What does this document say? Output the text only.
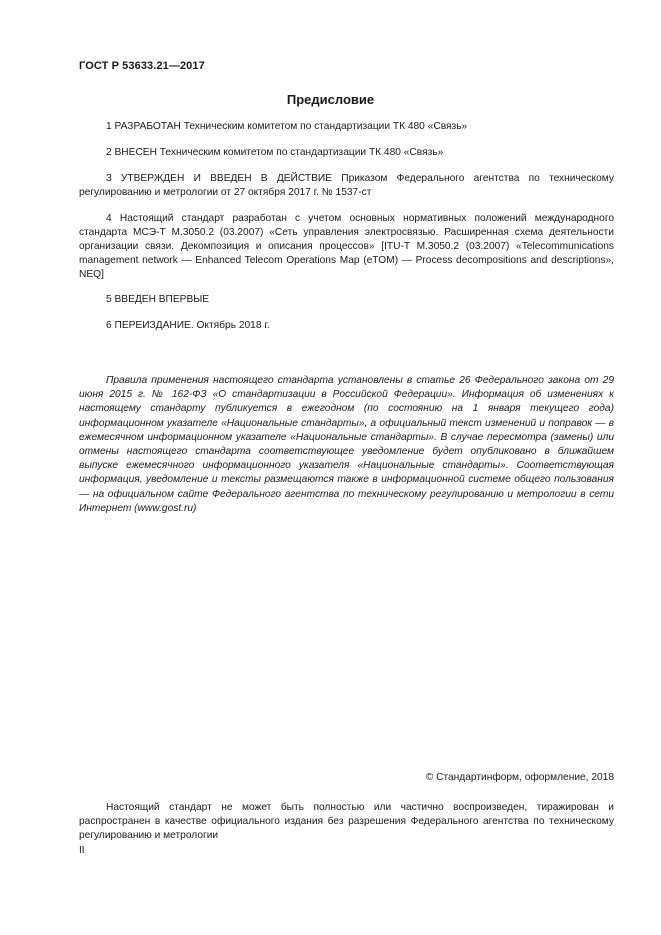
ГОСТ Р 53633.21—2017
Предисловие
1 РАЗРАБОТАН Техническим комитетом по стандартизации ТК 480 «Связь»
2 ВНЕСЕН Техническим комитетом по стандартизации ТК 480 «Связь»
3 УТВЕРЖДЕН И ВВЕДЕН В ДЕЙСТВИЕ Приказом Федерального агентства по техническому регулированию и метрологии от 27 октября 2017 г. № 1537-ст
4 Настоящий стандарт разработан с учетом основных нормативных положений международного стандарта МСЭ-Т М.3050.2 (03.2007) «Сеть управления электросвязью. Расширенная схема деятельности организации связи. Декомпозиция и описания процессов» [ITU-T M.3050.2 (03.2007) «Telecommunications management network — Enhanced Telecom Operations Map (eTOM) — Process decompositions and descriptions», NEQ]
5 ВВЕДЕН ВПЕРВЫЕ
6 ПЕРЕИЗДАНИЕ. Октябрь 2018 г.
Правила применения настоящего стандарта установлены в статье 26 Федерального закона от 29 июня 2015 г. № 162-ФЗ «О стандартизации в Российской Федерации». Информация об изменениях к настоящему стандарту публикуется в ежегодном (по состоянию на 1 января текущего года) информационном указателе «Национальные стандарты», а официальный текст изменений и поправок — в ежемесячном информационном указателе «Национальные стандарты». В случае пересмотра (замены) или отмены настоящего стандарта соответствующее уведомление будет опубликовано в ближайшем выпуске ежемесячного информационного указателя «Национальные стандарты». Соответствующая информация, уведомление и тексты размещаются также в информационной системе общего пользования — на официальном сайте Федерального агентства по техническому регулированию и метрологии в сети Интернет (www.gost.ru)
© Стандартинформ, оформление, 2018
Настоящий стандарт не может быть полностью или частично воспроизведен, тиражирован и распространен в качестве официального издания без разрешения Федерального агентства по техническому регулированию и метрологии
II
